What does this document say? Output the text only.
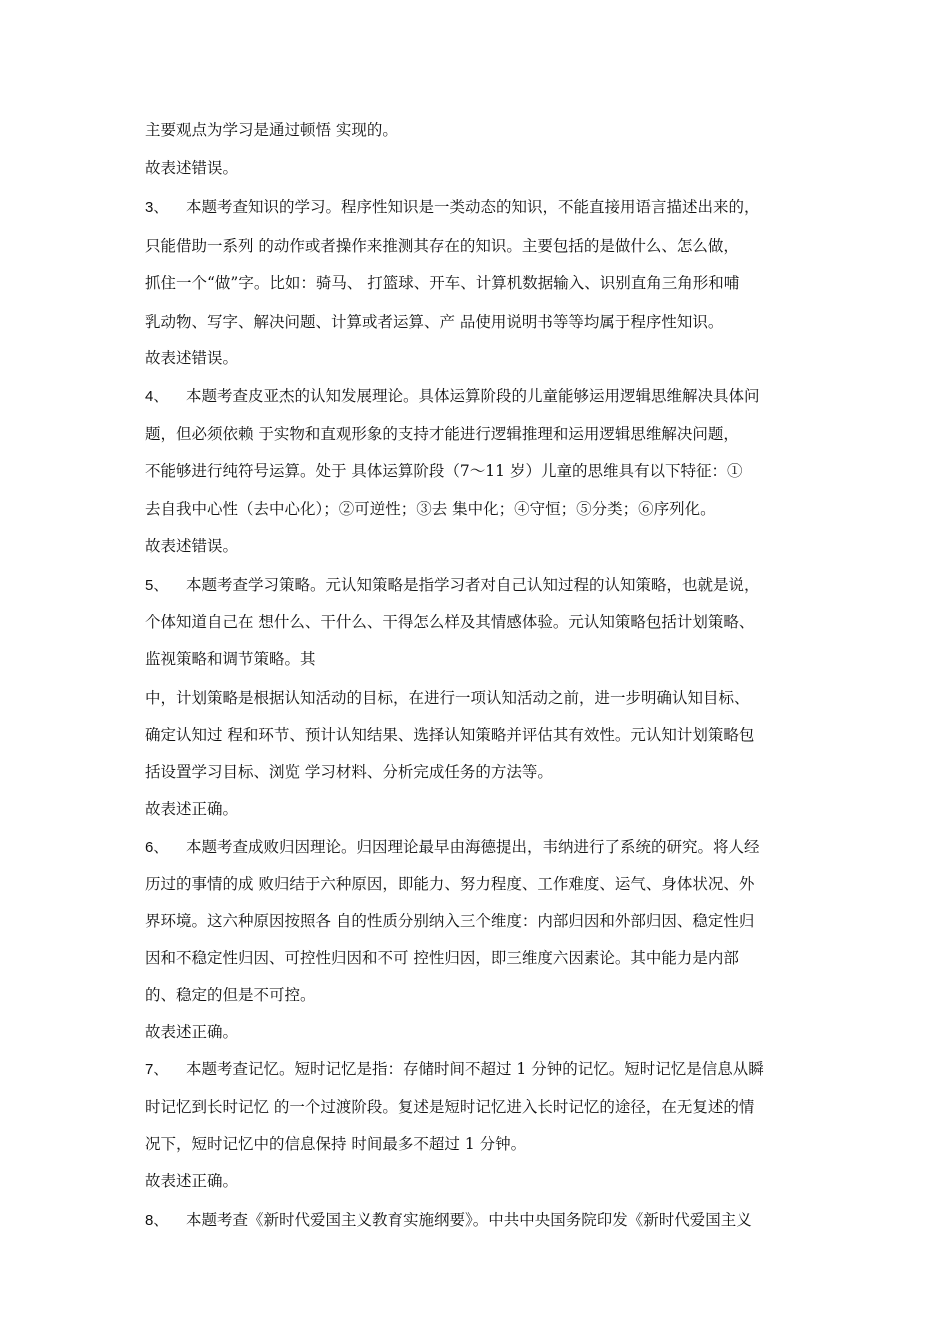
主要观点为学习是通过顿悟 实现的。
故表述错误。
3、 本题考查知识的学习。程序性知识是一类动态的知识，不能直接用语言描述出来的，
只能借助一系列 的动作或者操作来推测其存在的知识。主要包括的是做什么、怎么做，
抓住一个“做”字。比如：骑马、 打篮球、开车、计算机数据输入、识别直角三角形和哺
乳动物、写字、解决问题、计算或者运算、产 品使用说明书等等均属于程序性知识。
故表述错误。
4、 本题考查皮亚杰的认知发展理论。具体运算阶段的儿童能够运用逻辑思维解决具体问
题，但必须依赖 于实物和直观形象的支持才能进行逻辑推理和运用逻辑思维解决问题，
不能够进行纯符号运算。处于 具体运算阶段（7～11 岁）儿童的思维具有以下特征：①
去自我中心性（去中心化）；②可逆性；③去 集中化；④守恒；⑤分类；⑥序列化。
故表述错误。
5、 本题考查学习策略。元认知策略是指学习者对自己认知过程的认知策略，也就是说，
个体知道自己在 想什么、干什么、干得怎么样及其情感体验。元认知策略包括计划策略、
监视策略和调节策略。其
中，计划策略是根据认知活动的目标，在进行一项认知活动之前，进一步明确认知目标、
确定认知过 程和环节、预计认知结果、选择认知策略并评估其有效性。元认知计划策略包
括设置学习目标、浏览 学习材料、分析完成任务的方法等。
故表述正确。
6、 本题考查成败归因理论。归因理论最早由海德提出，韦纳进行了系统的研究。将人经
历过的事情的成 败归结于六种原因，即能力、努力程度、工作难度、运气、身体状况、外
界环境。这六种原因按照各 自的性质分别纳入三个维度：内部归因和外部归因、稳定性归
因和不稳定性归因、可控性归因和不可 控性归因，即三维度六因素论。其中能力是内部
的、稳定的但是不可控。
故表述正确。
7、 本题考查记忆。短时记忆是指：存储时间不超过 1 分钟的记忆。短时记忆是信息从瞬
时记忆到长时记忆 的一个过渡阶段。复述是短时记忆进入长时记忆的途径，在无复述的情
况下，短时记忆中的信息保持 时间最多不超过 1 分钟。
故表述正确。
8、 本题考查《新时代爱国主义教育实施纲要》。中共中央国务院印发《新时代爱国主义
